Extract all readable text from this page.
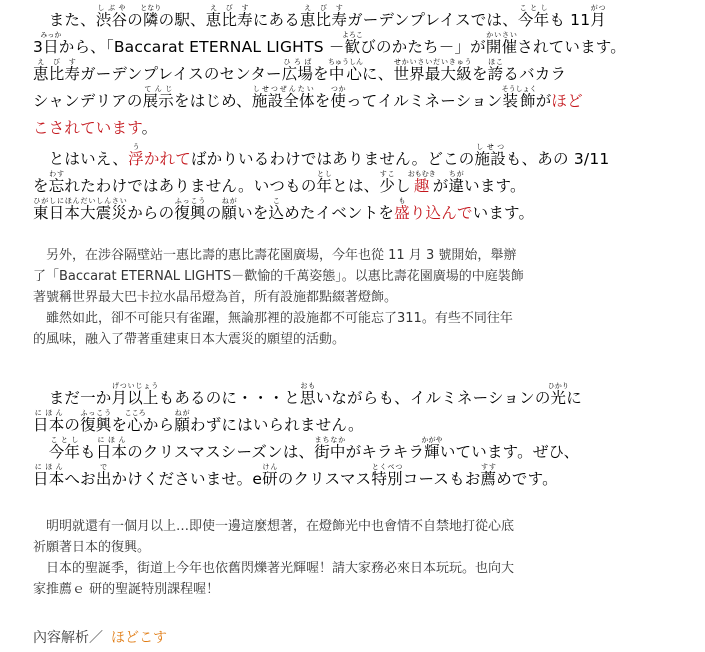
　また、渋谷しぶやの隣となりの駅、恵比寿えびすにある恵比寿えびすガーデンプレイスでは、今年ことしも 11月がつ
3日みっかから、「Baccarat ETERNAL LIGHTS －歓よろこびのかたち－」が開催かいさいされています。
恵比寿えびすガーデンプレイスのセンター広場ひろばを中心ちゅうしんに、世界最大級せかいさいだいきゅうを誇ほこるバカラ
シャンデリアの展示てんじをはじめ、施設全体しせつぜんたいを使つかってイルミネーション装飾そうしょくがほど
こされています。
　とはいえ、浮うかれてばかりいるわけではありません。どこの施設しせつも、あの 3/11
を忘わすれたわけではありません。いつもの年としとは、少すこし趣おもむきが違ちがいます。
東日本大震災ひがしにほんだいしんさいからの復興ふっこうの願ねがいを込こめたイベントを盛もり込んでいます。
　另外，在涉谷隔壁站一惠比壽的惠比壽花園廣場，今年也從 11 月 3 號開始，舉辦
了「Baccarat ETERNAL LIGHTS－歡愉的千萬姿態」。以惠比壽花園廣場的中庭裝飾
著號稱世界最大巴卡拉水晶吊燈為首，所有設施都點綴著燈飾。
　雖然如此，卻不可能只有雀躍，無論那裡的設施都不可能忘了311。有些不同往年
的風味，融入了帶著重建東日本大震災的願望的活動。
　まだ一か月以上げついじょうもあるのに・・・と思おもいながらも、イルミネーションの光ひかりに
日本にほんの復興ふっこうを心こころから願ねがわずにはいられません。
　今年ことしも日本にほんのクリスマスシーズンは、街中まちなかがキラキラ輝かがやいています。ぜひ、
日本にほんへお出でかけくださいませ。e研けんのクリスマス特別とくべつコースもお薦すすめです。
　明明就還有一個月以上…即使一邊這麼想著，在燈飾光中也會情不自禁地打從心底
祈願著日本的復興。
　日本的聖誕季，街道上今年也依舊閃爍著光輝喔！請大家務必來日本玩玩。也向大
家推薦ｅ 研的聖誕特別課程喔！
內容解析／ ほどこす
